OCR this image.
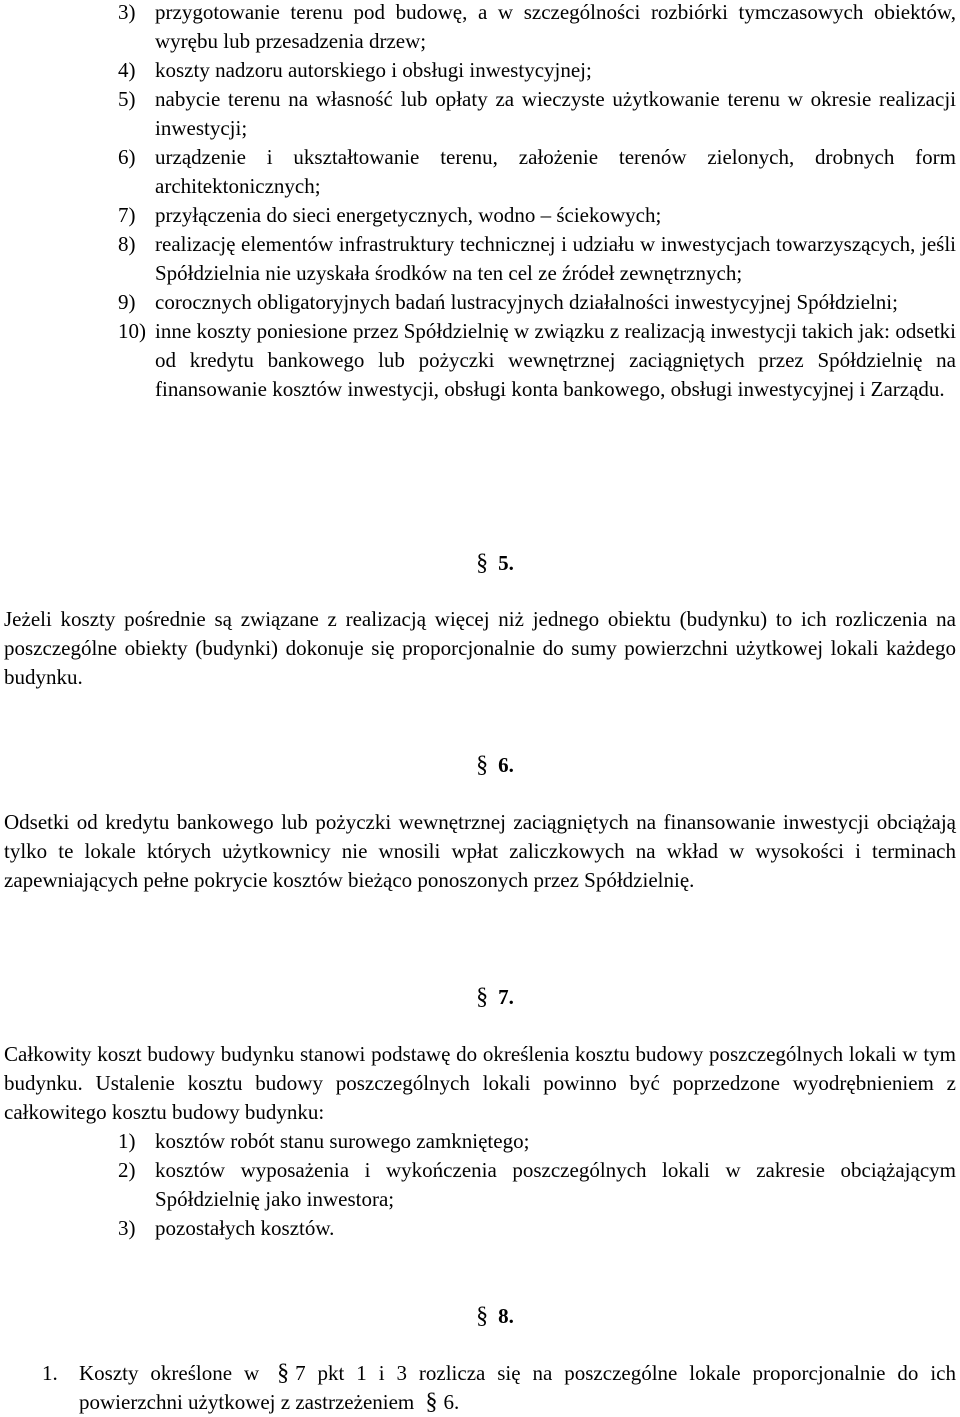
3) przygotowanie terenu pod budowę, a w szczególności rozbiórki tymczasowych obiektów, wyrębu lub przesadzenia drzew;
4) koszty nadzoru autorskiego i obsługi inwestycyjnej;
5) nabycie terenu na własność lub opłaty za wieczyste użytkowanie terenu w okresie realizacji inwestycji;
6) urządzenie i ukształtowanie terenu, założenie terenów zielonych, drobnych form architektonicznych;
7) przyłączenia do sieci energetycznych, wodno – ściekowych;
8) realizację elementów infrastruktury technicznej i udziału w inwestycjach towarzyszących, jeśli Spółdzielnia nie uzyskała środków na ten cel ze źródeł zewnętrznych;
9) corocznych obligatoryjnych badań lustracyjnych działalności inwestycyjnej Spółdzielni;
10) inne koszty poniesione przez Spółdzielnię w związku z realizacją inwestycji takich jak: odsetki od kredytu bankowego lub pożyczki wewnętrznej zaciągniętych przez Spółdzielnię na finansowanie kosztów inwestycji, obsługi konta bankowego, obsługi inwestycyjnej i Zarządu.
§ 5.
Jeżeli koszty pośrednie są związane z realizacją więcej niż jednego obiektu (budynku) to ich rozliczenia na poszczególne obiekty (budynki) dokonuje się proporcjonalnie do sumy powierzchni użytkowej lokali każdego budynku.
§ 6.
Odsetki od kredytu bankowego lub pożyczki wewnętrznej zaciągniętych na finansowanie inwestycji obciążają tylko te lokale których użytkownicy nie wnosili wpłat zaliczkowych na wkład w wysokości i terminach zapewniających pełne pokrycie kosztów bieżąco ponoszonych przez Spółdzielnię.
§ 7.
Całkowity koszt budowy budynku stanowi podstawę do określenia kosztu budowy poszczególnych lokali w tym budynku. Ustalenie kosztu budowy poszczególnych lokali powinno być poprzedzone wyodrębnieniem z całkowitego kosztu budowy budynku:
1) kosztów robót stanu surowego zamkniętego;
2) kosztów wyposażenia i wykończenia poszczególnych lokali w zakresie obciążającym Spółdzielnię jako inwestora;
3) pozostałych kosztów.
§ 8.
1. Koszty określone w § 7 pkt 1 i 3 rozlicza się na poszczególne lokale proporcjonalnie do ich powierzchni użytkowej z zastrzeżeniem § 6.
